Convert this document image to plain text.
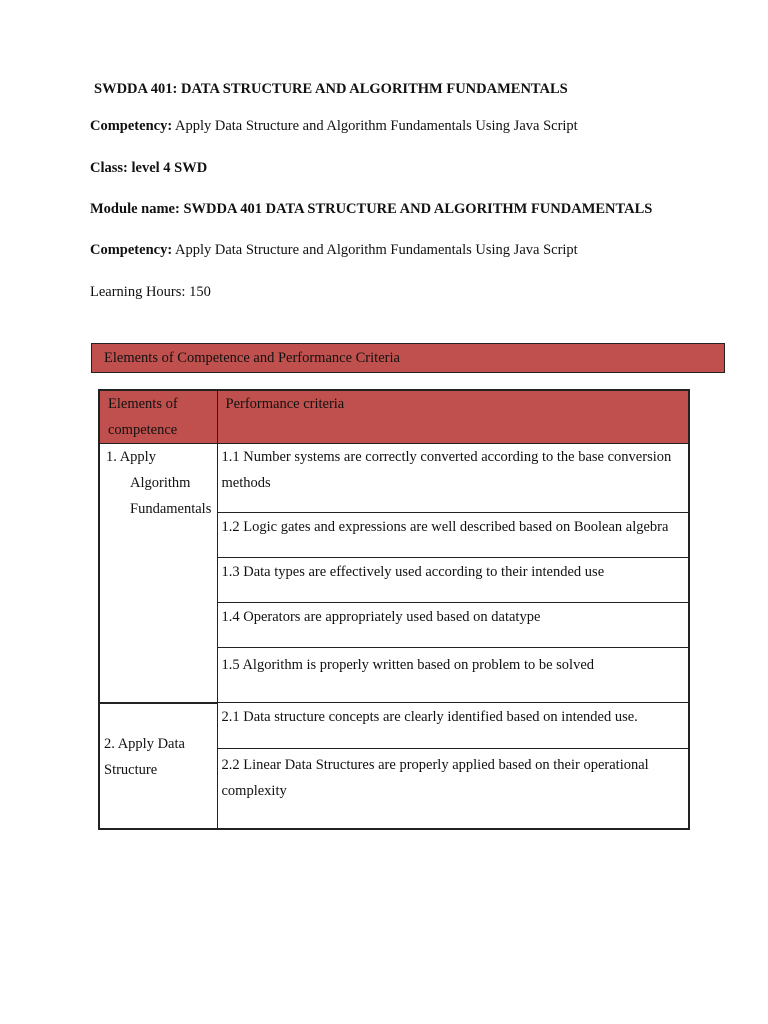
SWDDA 401: DATA STRUCTURE AND ALGORITHM FUNDAMENTALS
Competency: Apply Data Structure and Algorithm Fundamentals Using Java Script
Class: level 4 SWD
Module name: SWDDA 401 DATA STRUCTURE AND ALGORITHM FUNDAMENTALS
Competency: Apply Data Structure and Algorithm Fundamentals Using Java Script
Learning Hours: 150
Elements of Competence and Performance Criteria
Elements of competence	Performance criteria

1. Apply
Algorithm
Fundamentals	1.1 Number systems are correctly converted according to the base conversion methods
	1.2 Logic gates and expressions are well described based on Boolean algebra
	1.3 Data types are effectively used according to their intended use
	1.4 Operators are appropriately used based on datatype
	1.5 Algorithm is properly written based on problem to be solved

2. Apply Data
Structure	2.1 Data structure concepts are clearly identified based on intended use.
	2.2 Linear Data Structures are properly applied based on their operational complexity
